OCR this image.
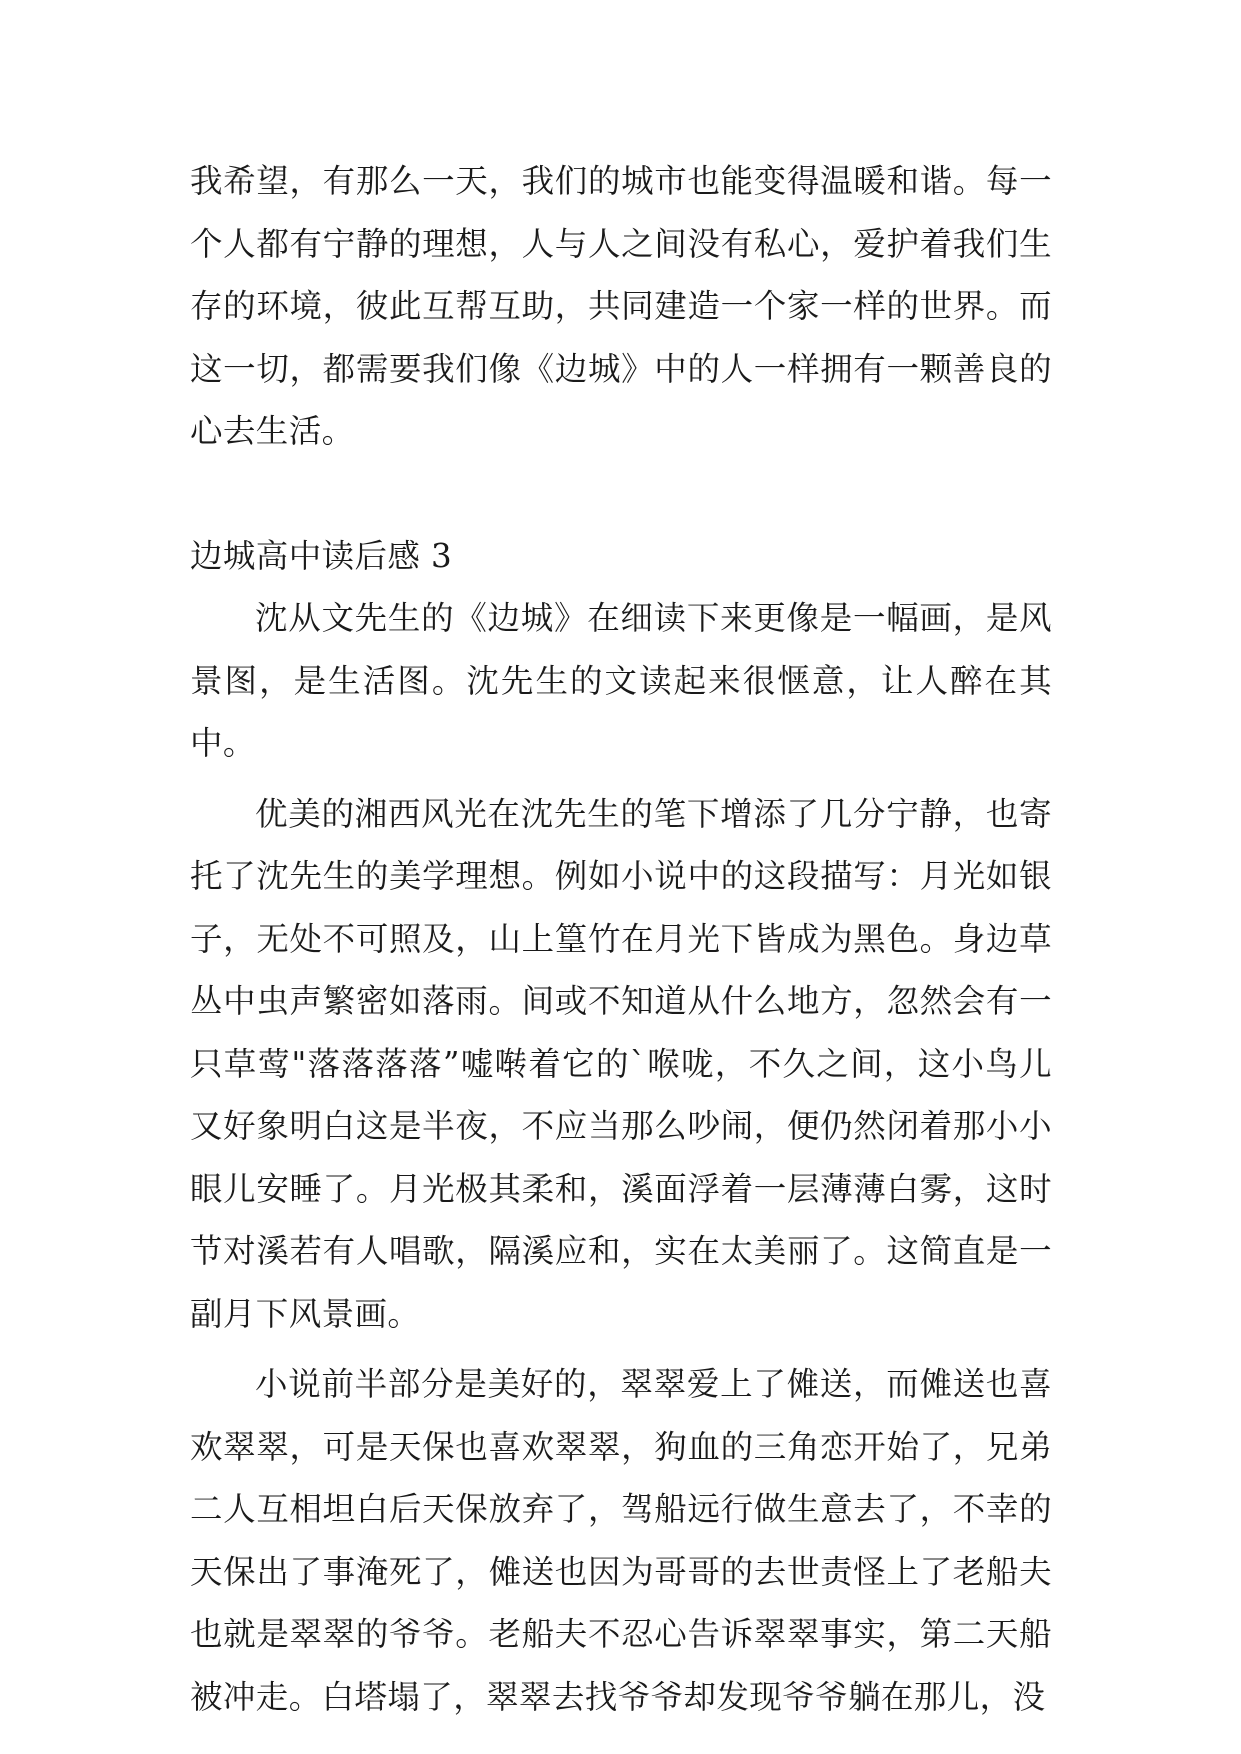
我希望，有那么一天，我们的城市也能变得温暖和谐。每一个人都有宁静的理想，人与人之间没有私心，爱护着我们生存的环境，彼此互帮互助，共同建造一个家一样的世界。而这一切，都需要我们像《边城》中的人一样拥有一颗善良的心去生活。

边城高中读后感 3

沈从文先生的《边城》在细读下来更像是一幅画，是风景图，是生活图。沈先生的文读起来很惬意，让人醉在其中。

优美的湘西风光在沈先生的笔下增添了几分宁静，也寄托了沈先生的美学理想。例如小说中的这段描写：月光如银子，无处不可照及，山上篁竹在月光下皆成为黑色。身边草丛中虫声繁密如落雨。间或不知道从什么地方，忽然会有一只草莺"落落落落”嘘啭着它的`喉咙，不久之间，这小鸟儿又好象明白这是半夜，不应当那么吵闹，便仍然闭着那小小眼儿安睡了。月光极其柔和，溪面浮着一层薄薄白雾，这时节对溪若有人唱歌，隔溪应和，实在太美丽了。这简直是一副月下风景画。

小说前半部分是美好的，翠翠爱上了傩送，而傩送也喜欢翠翠，可是天保也喜欢翠翠，狗血的三角恋开始了，兄弟二人互相坦白后天保放弃了，驾船远行做生意去了，不幸的天保出了事淹死了，傩送也因为哥哥的去世责怪上了老船夫也就是翠翠的爷爷。老船夫不忍心告诉翠翠事实，第二天船被冲走。白塔塌了，翠翠去找爷爷却发现爷爷躺在那儿，没
